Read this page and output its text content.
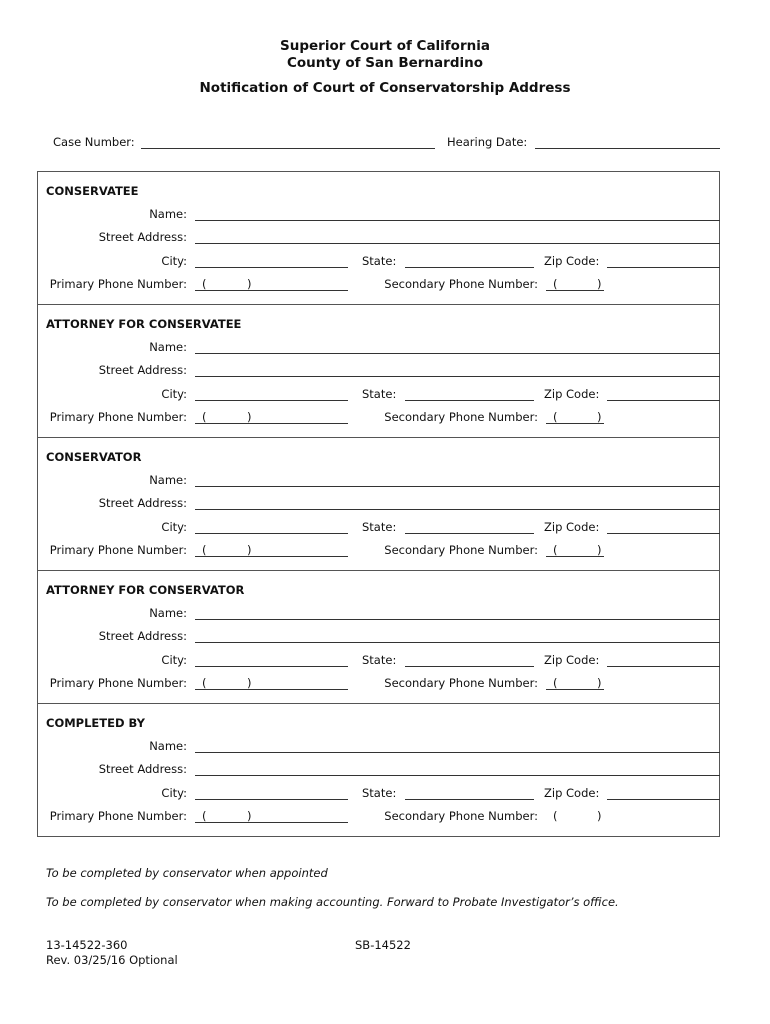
Superior Court of California
County of San Bernardino
Notification of Court of Conservatorship Address
Case Number:	Hearing Date:
CONSERVATEE
Name:
Street Address:
City:	State:	Zip Code:
Primary Phone Number: (	)	Secondary Phone Number: (	)
ATTORNEY FOR CONSERVATEE
Name:
Street Address:
City:	State:	Zip Code:
Primary Phone Number: (	)	Secondary Phone Number: (	)
CONSERVATOR
Name:
Street Address:
City:	State:	Zip Code:
Primary Phone Number: (	)	Secondary Phone Number: (	)
ATTORNEY FOR CONSERVATOR
Name:
Street Address:
City:	State:	Zip Code:
Primary Phone Number: (	)	Secondary Phone Number: (	)
COMPLETED BY
Name:
Street Address:
City:	State:	Zip Code:
Primary Phone Number: (	)	Secondary Phone Number: (	)
To be completed by conservator when appointed
To be completed by conservator when making accounting. Forward to Probate Investigator’s office.
13-14522-360
Rev. 03/25/16 Optional
SB-14522
